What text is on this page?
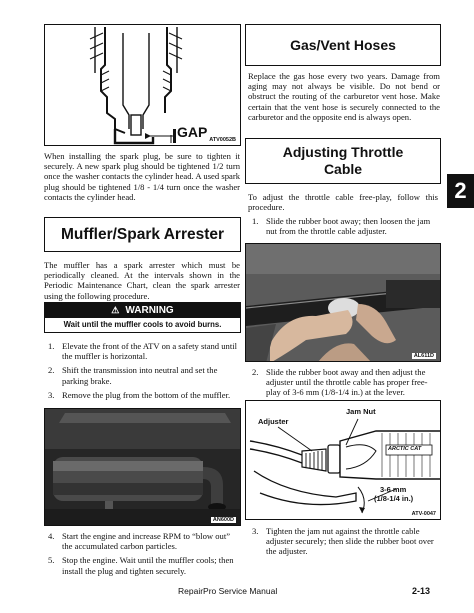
GAP ATV0052B

When installing the spark plug, be sure to tighten it securely. A new spark plug should be tightened 1/2 turn once the washer contacts the cylinder head. A used spark plug should be tightened 1/8 - 1/4 turn once the washer contacts the cylinder head.

Muffler/Spark Arrester

The muffler has a spark arrester which must be periodically cleaned. At the intervals shown in the Periodic Maintenance Chart, clean the spark arrester using the following procedure.

⚠ WARNING
Wait until the muffler cools to avoid burns.
1. Elevate the front of the ATV on a safety stand until the muffler is horizontal.
2. Shift the transmission into neutral and set the parking brake.
3. Remove the plug from the bottom of the muffler.
AN600D
4. Start the engine and increase RPM to “blow out” the accumulated carbon particles.
5. Stop the engine. Wait until the muffler cools; then install the plug and tighten securely.
Gas/Vent Hoses

Replace the gas hose every two years. Damage from aging may not always be visible. Do not bend or obstruct the routing of the carburetor vent hose. Make certain that the vent hose is securely connected to the carburetor and the opposite end is always open.

Adjusting Throttle
Cable

To adjust the throttle cable free-play, follow this procedure.

1. Slide the rubber boot away; then loosen the jam nut from the throttle cable adjuster.
AL611D
2. Slide the rubber boot away and then adjust the adjuster until the throttle cable has proper free-play of 3-6 mm (1/8-1/4 in.) at the lever.
Jam Nut
Adjuster
ARCTIC CAT
3-6 mm
(1/8-1/4 in.)
ATV-0047
3. Tighten the jam nut against the throttle cable adjuster securely; then slide the rubber boot over the adjuster.
2
RepairPro Service Manual	2-13
